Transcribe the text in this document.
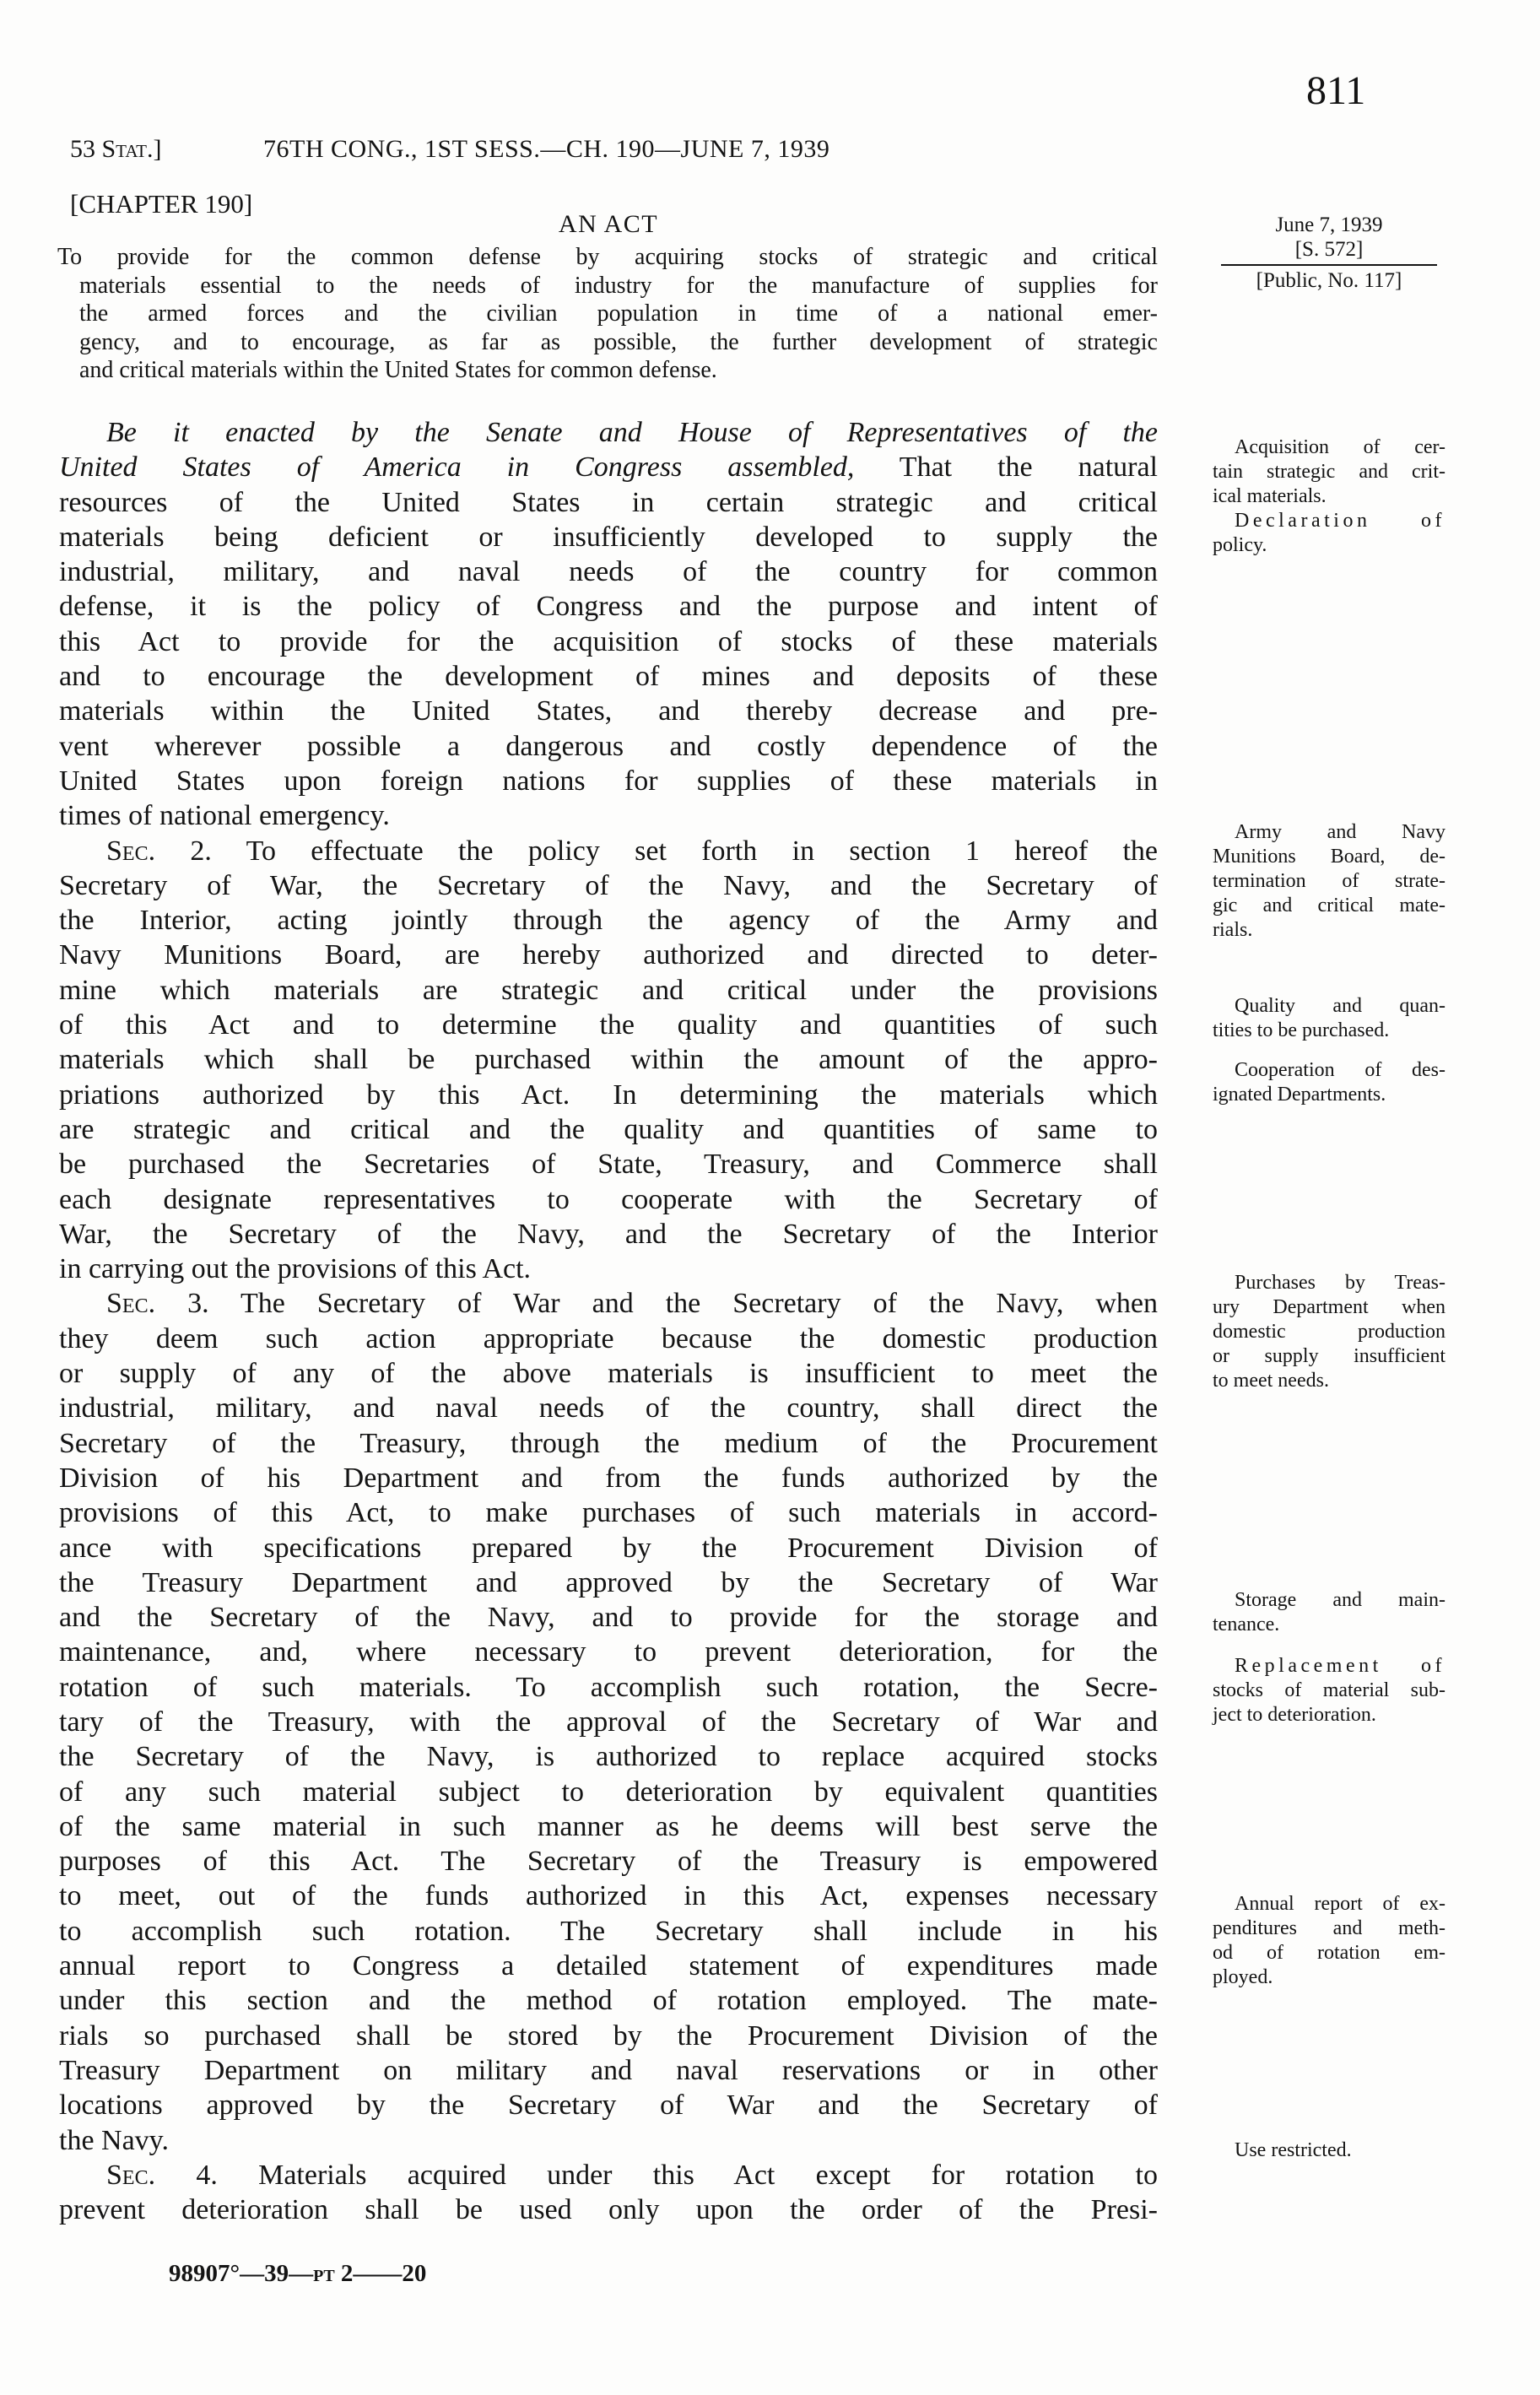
53 Stat.]	76TH CONG., 1ST SESS.—CH. 190—JUNE 7, 1939
811
[CHAPTER 190]
AN ACT	June 7, 1939
[S. 572]
[Public, No. 117]
To provide for the common defense by acquiring stocks of strategic and critical
materials essential to the needs of industry for the manufacture of supplies for
the armed forces and the civilian population in time of a national emer-
gency, and to encourage, as far as possible, the further development of strategic
and critical materials within the United States for common defense.
Be it enacted by the Senate and House of Representatives of the
United States of America in Congress assembled, That the natural
resources of the United States in certain strategic and critical
materials being deficient or insufficiently developed to supply the
industrial, military, and naval needs of the country for common
defense, it is the policy of Congress and the purpose and intent of
this Act to provide for the acquisition of stocks of these materials
and to encourage the development of mines and deposits of these
materials within the United States, and thereby decrease and pre-
vent wherever possible a dangerous and costly dependence of the
United States upon foreign nations for supplies of these materials in
times of national emergency.
Sec. 2. To effectuate the policy set forth in section 1 hereof the
Secretary of War, the Secretary of the Navy, and the Secretary of
the Interior, acting jointly through the agency of the Army and
Navy Munitions Board, are hereby authorized and directed to deter-
mine which materials are strategic and critical under the provisions
of this Act and to determine the quality and quantities of such
materials which shall be purchased within the amount of the appro-
priations authorized by this Act. In determining the materials which
are strategic and critical and the quality and quantities of same to
be purchased the Secretaries of State, Treasury, and Commerce shall
each designate representatives to cooperate with the Secretary of
War, the Secretary of the Navy, and the Secretary of the Interior
in carrying out the provisions of this Act.
Sec. 3. The Secretary of War and the Secretary of the Navy, when
they deem such action appropriate because the domestic production
or supply of any of the above materials is insufficient to meet the
industrial, military, and naval needs of the country, shall direct the
Secretary of the Treasury, through the medium of the Procurement
Division of his Department and from the funds authorized by the
provisions of this Act, to make purchases of such materials in accord-
ance with specifications prepared by the Procurement Division of
the Treasury Department and approved by the Secretary of War
and the Secretary of the Navy, and to provide for the storage and
maintenance, and, where necessary to prevent deterioration, for the
rotation of such materials. To accomplish such rotation, the Secre-
tary of the Treasury, with the approval of the Secretary of War and
the Secretary of the Navy, is authorized to replace acquired stocks
of any such material subject to deterioration by equivalent quantities
of the same material in such manner as he deems will best serve the
purposes of this Act. The Secretary of the Treasury is empowered
to meet, out of the funds authorized in this Act, expenses necessary
to accomplish such rotation. The Secretary shall include in his
annual report to Congress a detailed statement of expenditures made
under this section and the method of rotation employed. The mate-
rials so purchased shall be stored by the Procurement Division of the
Treasury Department on military and naval reservations or in other
locations approved by the Secretary of War and the Secretary of
the Navy.
Sec. 4. Materials acquired under this Act except for rotation to
prevent deterioration shall be used only upon the order of the Presi-
Acquisition of cer-
tain strategic and crit-
ical materials.
Declaration of
policy.
Army and Navy
Munitions Board, de-
termination of strate-
gic and critical mate-
rials.
Quality and quan-
tities to be purchased.
Cooperation of des-
ignated Departments.
Purchases by Treas-
ury Department when
domestic production
or supply insufficient
to meet needs.
Storage and main-
tenance.
Replacement of
stocks of material sub-
ject to deterioration.
Annual report of ex-
penditures and meth-
od of rotation em-
ployed.
Use restricted.
98907°—39—pt 2——20
